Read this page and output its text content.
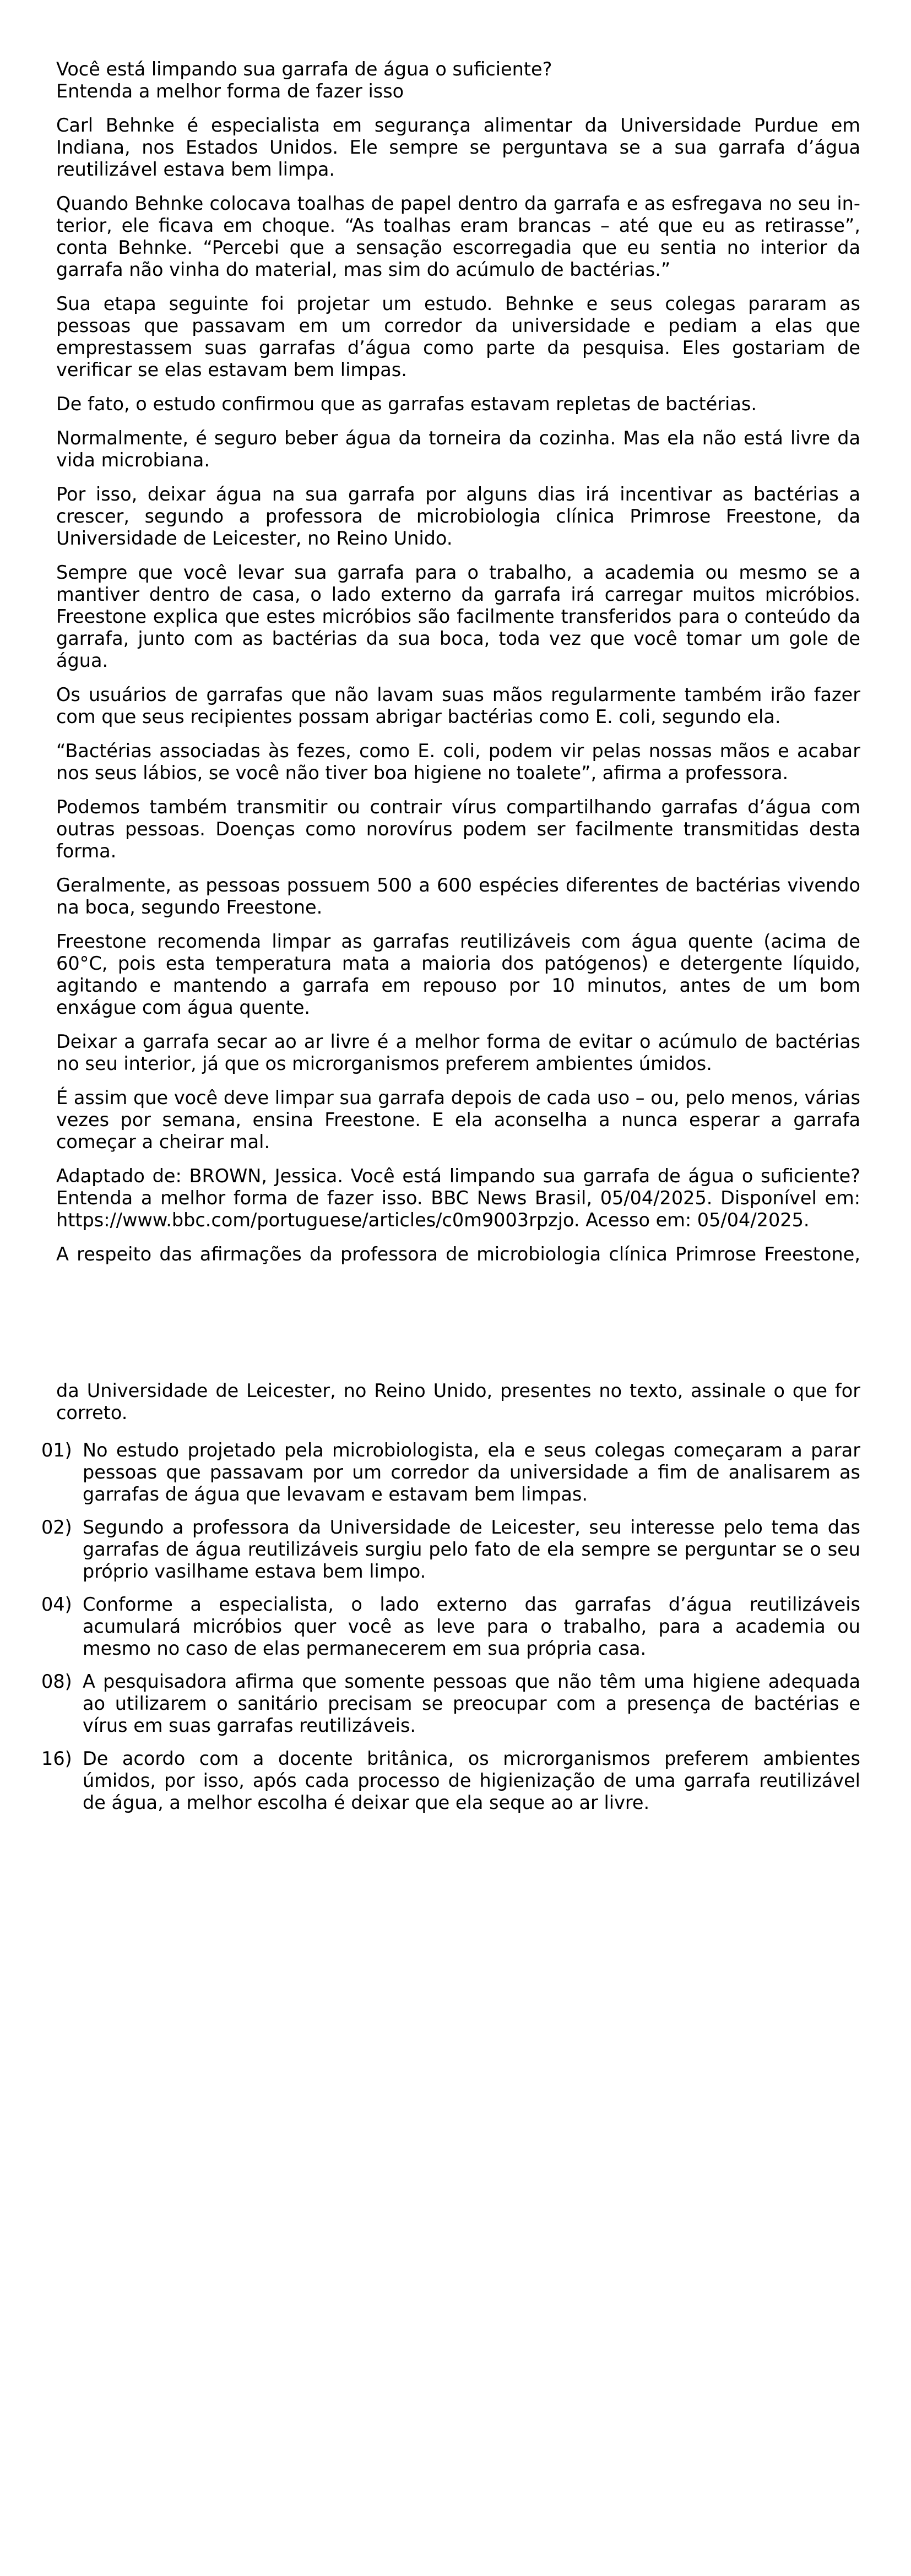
Você está limpando sua garrafa de água o suficiente?

Entenda a melhor forma de fazer isso

Carl Behnke é especialista em segurança alimentar da Universidade Purdue em Indiana, nos Estados Unidos. Ele sempre se perguntava se a sua garrafa d’água reutilizável estava bem limpa.

Quando Behnke colocava toalhas de papel dentro da garrafa e as esfregava no seu interior, ele ficava em choque. “As toalhas eram brancas – até que eu as retirasse”, conta Behnke. “Percebi que a sensação escorregadia que eu sentia no interior da garrafa não vinha do material, mas sim do acúmulo de bactérias.”

Sua etapa seguinte foi projetar um estudo. Behnke e seus colegas pararam as pessoas que passavam em um corredor da universidade e pediam a elas que emprestassem suas garrafas d’água como parte da pesquisa. Eles gostariam de verificar se elas estavam bem limpas.

De fato, o estudo confirmou que as garrafas estavam repletas de bactérias.

Normalmente, é seguro beber água da torneira da cozinha. Mas ela não está livre da vida microbiana.

Por isso, deixar água na sua garrafa por alguns dias irá incentivar as bactérias a crescer, segundo a professora de microbiologia clínica Primrose Freestone, da Universidade de Leicester, no Reino Unido.

Sempre que você levar sua garrafa para o trabalho, a academia ou mesmo se a mantiver dentro de casa, o lado externo da garrafa irá carregar muitos micróbios. Freestone explica que estes micróbios são facilmente transferidos para o conteúdo da garrafa, junto com as bactérias da sua boca, toda vez que você tomar um gole de água.

Os usuários de garrafas que não lavam suas mãos regularmente também irão fazer com que seus recipientes possam abrigar bactérias como E. coli, segundo ela.

“Bactérias associadas às fezes, como E. coli, podem vir pelas nossas mãos e acabar nos seus lábios, se você não tiver boa higiene no toalete”, afirma a professora.

Podemos também transmitir ou contrair vírus compartilhando garrafas d’água com outras pessoas. Doenças como norovírus podem ser facilmente transmitidas desta forma.

Geralmente, as pessoas possuem 500 a 600 espécies diferentes de bactérias vivendo na boca, segundo Freestone.

Freestone recomenda limpar as garrafas reutilizáveis com água quente (acima de 60°C, pois esta temperatura mata a maioria dos patógenos) e detergente líquido, agitando e mantendo a garrafa em repouso por 10 minutos, antes de um bom enxágue com água quente.

Deixar a garrafa secar ao ar livre é a melhor forma de evitar o acúmulo de bactérias no seu interior, já que os microrganismos preferem ambientes úmidos.

É assim que você deve limpar sua garrafa depois de cada uso – ou, pelo menos, várias vezes por semana, ensina Freestone. E ela aconselha a nunca esperar a garrafa começar a cheirar mal.

Adaptado de: BROWN, Jessica. Você está limpando sua garrafa de água o suficiente? Entenda a melhor forma de fazer isso. BBC News Brasil, 05/04/2025. Disponível em: https://www.bbc.com/portuguese/articles/c0m9003rpzjo. Acesso em: 05/04/2025.

A respeito das afirmações da professora de microbiologia clínica Primrose Freestone,

da Universidade de Leicester, no Reino Unido, presentes no texto, assinale o que for correto.

01) No estudo projetado pela microbiologista, ela e seus colegas começaram a parar pessoas que passavam por um corredor da universidade a fim de analisarem as garrafas de água que levavam e estavam bem limpas.
02) Segundo a professora da Universidade de Leicester, seu interesse pelo tema das garrafas de água reutilizáveis surgiu pelo fato de ela sempre se perguntar se o seu próprio vasilhame estava bem limpo.
04) Conforme a especialista, o lado externo das garrafas d’água reutilizáveis acumulará micróbios quer você as leve para o trabalho, para a academia ou mesmo no caso de elas permanecerem em sua própria casa.
08) A pesquisadora afirma que somente pessoas que não têm uma higiene adequada ao utilizarem o sanitário precisam se preocupar com a presença de bactérias e vírus em suas garrafas reutilizáveis.
16) De acordo com a docente britânica, os microrganismos preferem ambientes úmidos, por isso, após cada processo de higienização de uma garrafa reutilizável de água, a melhor escolha é deixar que ela seque ao ar livre.
